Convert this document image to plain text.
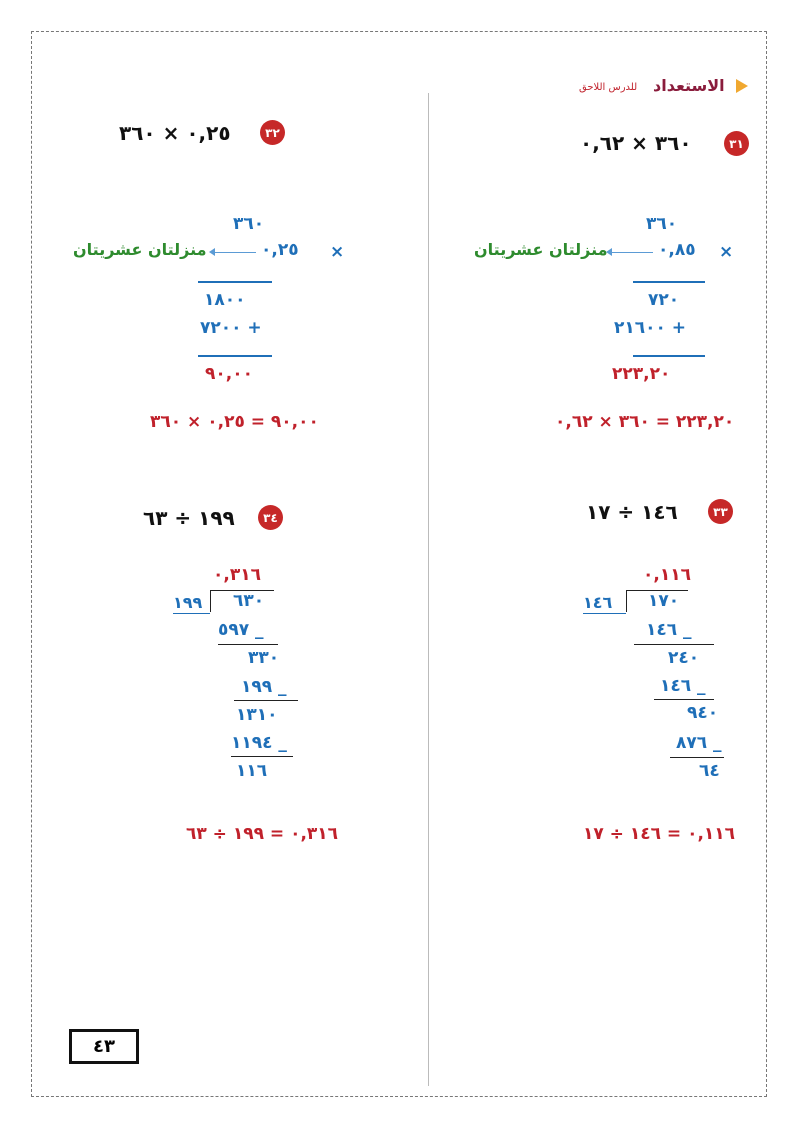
الاستعداد
للدرس اللاحق
٣١
٣٦٠ × ٠,٦٢
٣٦٠
×
٠,٨٥
منزلتان عشريتان
٧٢٠
٢١٦٠٠ +
٢٢٣,٢٠
٢٢٣,٢٠ = ٣٦٠ × ٠,٦٢
٣٢
٠,٢٥ × ٣٦٠
٣٦٠
×
٠,٢٥
منزلتان عشريتان
١٨٠٠
٧٢٠٠ +
٩٠,٠٠
٩٠,٠٠ = ٠,٢٥ × ٣٦٠
٣٣
١٤٦ ÷ ١٧
٠,١١٦
١٤٦ ١٧٠
١٤٦ _
٢٤٠
١٤٦ _
٩٤٠
٨٧٦ _
٦٤
٠,١١٦ = ١٤٦ ÷ ١٧
٣٤
١٩٩ ÷ ٦٣
٠,٣١٦
١٩٩ ٦٣٠
٥٩٧ _
٣٣٠
١٩٩ _
١٣١٠
١١٩٤ _
١١٦
٠,٣١٦ = ١٩٩ ÷ ٦٣
٤٣
